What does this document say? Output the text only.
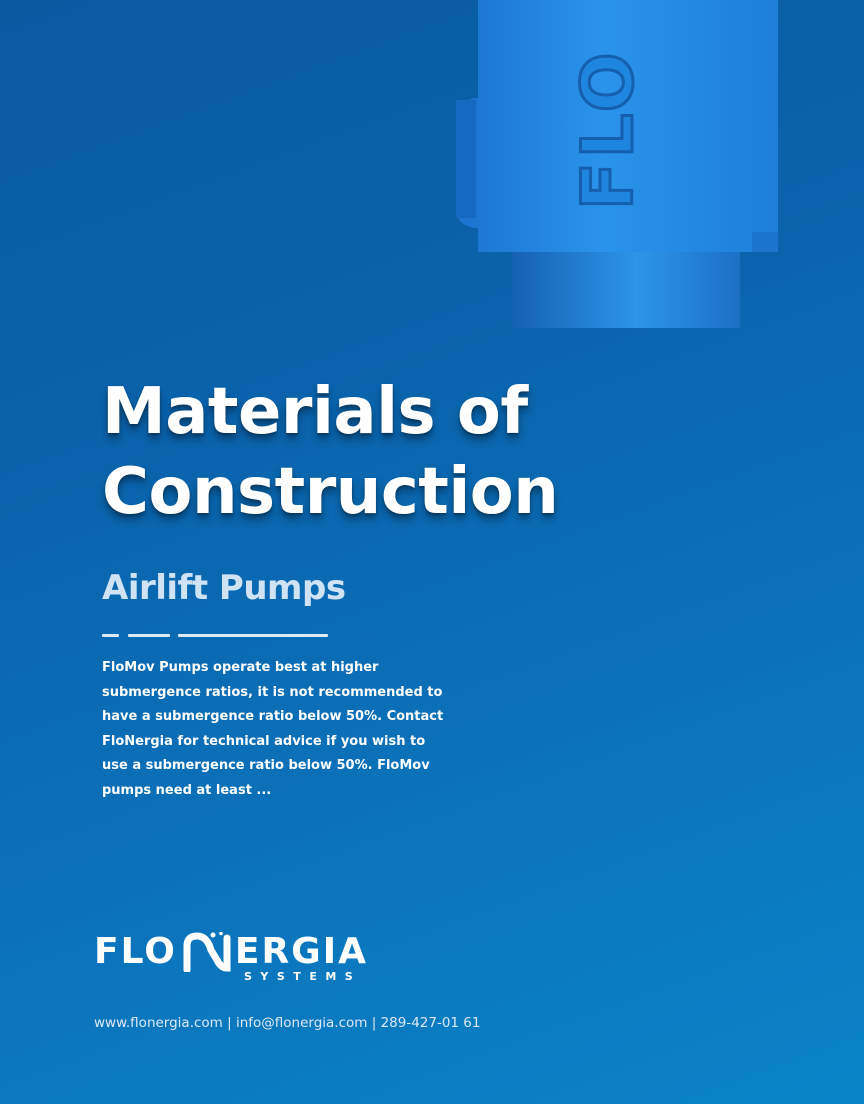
FLO
Materials of
Construction
Airlift Pumps

FloMov Pumps operate best at higher submergence ratios, it is not recommended to have a submergence ratio below 50%. Contact FloNergia for technical advice if you wish to use a submergence ratio below 50%. FloMov pumps need at least ...

FLO ERGIA
SYSTEMS

www.flonergia.com | info@flonergia.com | 289-427-01 61
